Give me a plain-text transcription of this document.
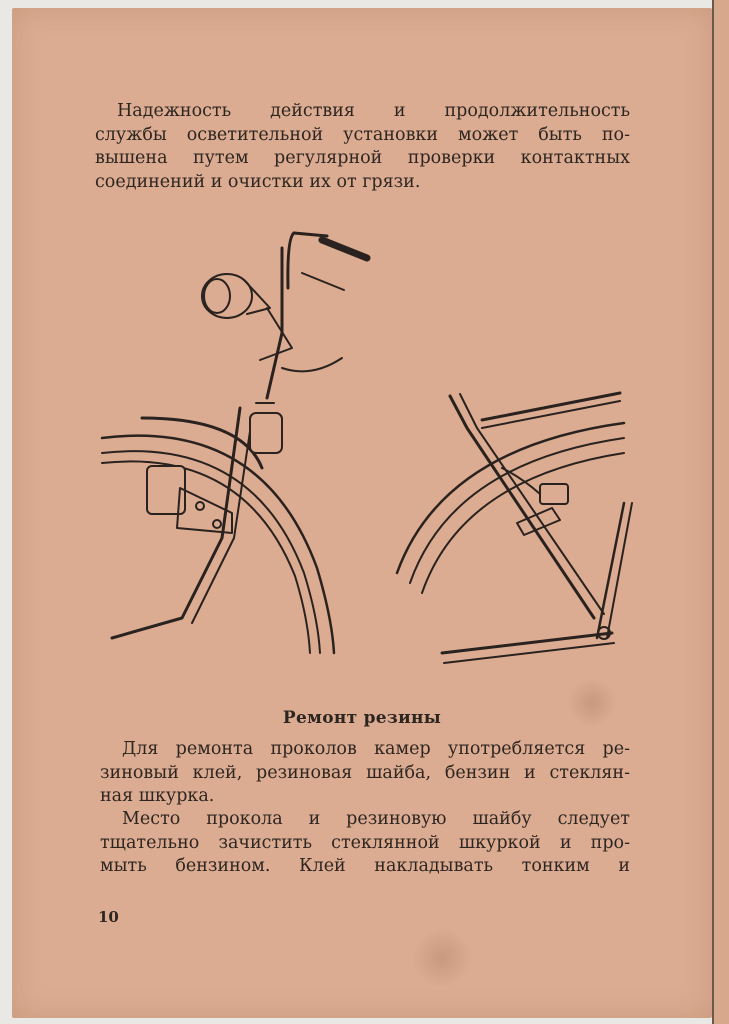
Надежность действия и продолжительность
службы осветительной установки может быть по-
вышена путем регулярной проверки контактных
соединений и очистки их от грязи.
Ремонт резины
Для ремонта проколов камер употребляется ре-
зиновый клей, резиновая шайба, бензин и стеклян-
ная шкурка.
Место прокола и резиновую шайбу следует
тщательно зачистить стеклянной шкуркой и про-
мыть бензином. Клей накладывать тонким и
10
